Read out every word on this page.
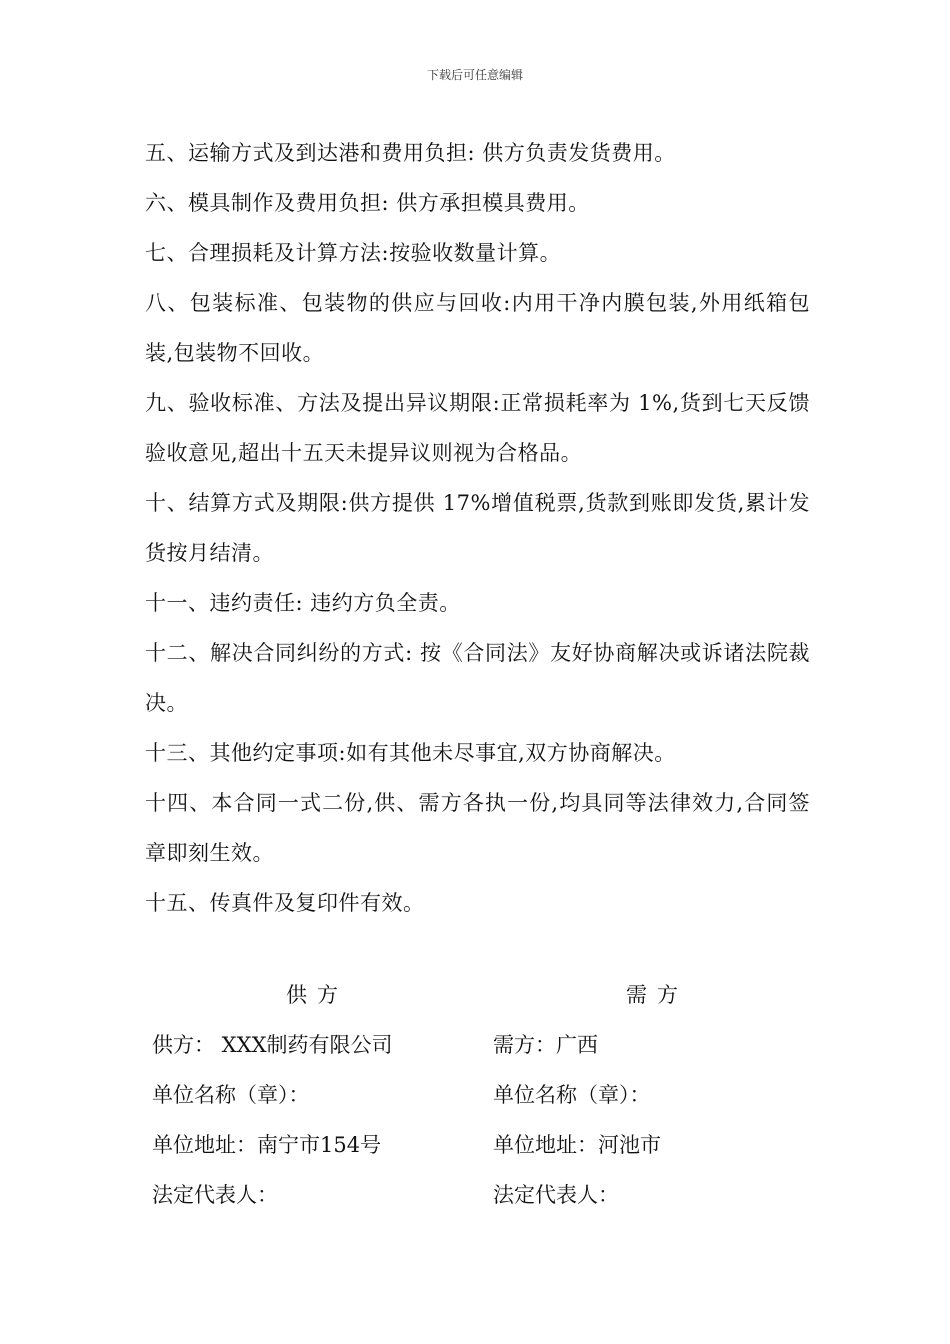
下载后可任意编辑

五、运输方式及到达港和费用负担: 供方负责发货费用。

六、模具制作及费用负担: 供方承担模具费用。

七、合理损耗及计算方法:按验收数量计算。

八、包装标准、包装物的供应与回收:内用干净内膜包装,外用纸箱包装,包装物不回收。

九、验收标准、方法及提出异议期限:正常损耗率为 1%,货到七天反馈验收意见,超出十五天未提异议则视为合格品。

十、结算方式及期限:供方提供 17%增值税票,货款到账即发货,累计发货按月结清。

十一、违约责任: 违约方负全责。

十二、解决合同纠纷的方式: 按《合同法》友好协商解决或诉诸法院裁决。

十三、其他约定事项:如有其他未尽事宜,双方协商解决。

十四、本合同一式二份,供、需方各执一份,均具同等法律效力,合同签章即刻生效。

十五、传真件及复印件有效。

供方
供方： XXX制药有限公司
单位名称（章）：
单位地址：南宁市154号
法定代表人：
需方
需方：广西
单位名称（章）：
单位地址：河池市
法定代表人：
